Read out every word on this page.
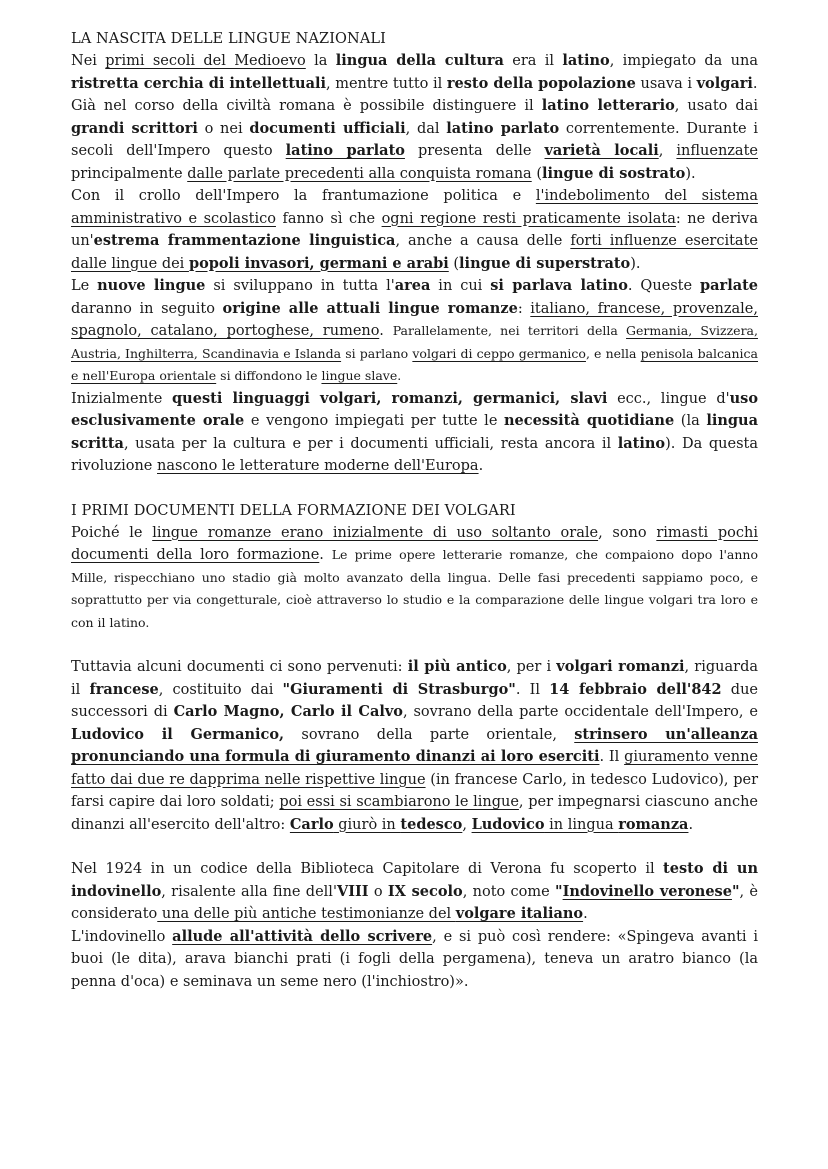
LA NASCITA DELLE LINGUE NAZIONALI

Nei primi secoli del Medioevo la lingua della cultura era il latino, impiegato da una ristretta cerchia di intellettuali, mentre tutto il resto della popolazione usava i volgari.

Già nel corso della civiltà romana è possibile distinguere il latino letterario, usato dai grandi scrittori o nei documenti ufficiali, dal latino parlato correntemente. Durante i secoli dell'Impero questo latino parlato presenta delle varietà locali, influenzate principalmente dalle parlate precedenti alla conquista romana (lingue di sostrato).

Con il crollo dell'Impero la frantumazione politica e l'indebolimento del sistema amministrativo e scolastico fanno sì che ogni regione resti praticamente isolata: ne deriva un'estrema frammentazione linguistica, anche a causa delle forti influenze esercitate dalle lingue dei popoli invasori, germani e arabi (lingue di superstrato).

Le nuove lingue si sviluppano in tutta l'area in cui si parlava latino. Queste parlate daranno in seguito origine alle attuali lingue romanze: italiano, francese, provenzale, spagnolo, catalano, portoghese, rumeno. Parallelamente, nei territori della Germania, Svizzera, Austria, Inghilterra, Scandinavia e Islanda si parlano volgari di ceppo germanico, e nella penisola balcanica e nell'Europa orientale si diffondono le lingue slave.

Inizialmente questi linguaggi volgari, romanzi, germanici, slavi ecc., lingue d'uso esclusivamente orale e vengono impiegati per tutte le necessità quotidiane (la lingua scritta, usata per la cultura e per i documenti ufficiali, resta ancora il latino). Da questa rivoluzione nascono le letterature moderne dell'Europa.

I PRIMI DOCUMENTI DELLA FORMAZIONE DEI VOLGARI

Poiché le lingue romanze erano inizialmente di uso soltanto orale, sono rimasti pochi documenti della loro formazione. Le prime opere letterarie romanze, che compaiono dopo l'anno Mille, rispecchiano uno stadio già molto avanzato della lingua. Delle fasi precedenti sappiamo poco, e soprattutto per via congetturale, cioè attraverso lo studio e la comparazione delle lingue volgari tra loro e con il latino.

Tuttavia alcuni documenti ci sono pervenuti: il più antico, per i volgari romanzi, riguarda il francese, costituito dai "Giuramenti di Strasburgo". Il 14 febbraio dell'842 due successori di Carlo Magno, Carlo il Calvo, sovrano della parte occidentale dell'Impero, e Ludovico il Germanico, sovrano della parte orientale, strinsero un'alleanza pronunciando una formula di giuramento dinanzi ai loro eserciti. Il giuramento venne fatto dai due re dapprima nelle rispettive lingue (in francese Carlo, in tedesco Ludovico), per farsi capire dai loro soldati; poi essi si scambiarono le lingue, per impegnarsi ciascuno anche dinanzi all'esercito dell'altro: Carlo giurò in tedesco, Ludovico in lingua romanza.

Nel 1924 in un codice della Biblioteca Capitolare di Verona fu scoperto il testo di un indovinello, risalente alla fine dell'VIII o IX secolo, noto come "Indovinello veronese", è considerato una delle più antiche testimonianze del volgare italiano.

L'indovinello allude all'attività dello scrivere, e si può così rendere: «Spingeva avanti i buoi (le dita), arava bianchi prati (i fogli della pergamena), teneva un aratro bianco (la penna d'oca) e seminava un seme nero (l'inchiostro)».
